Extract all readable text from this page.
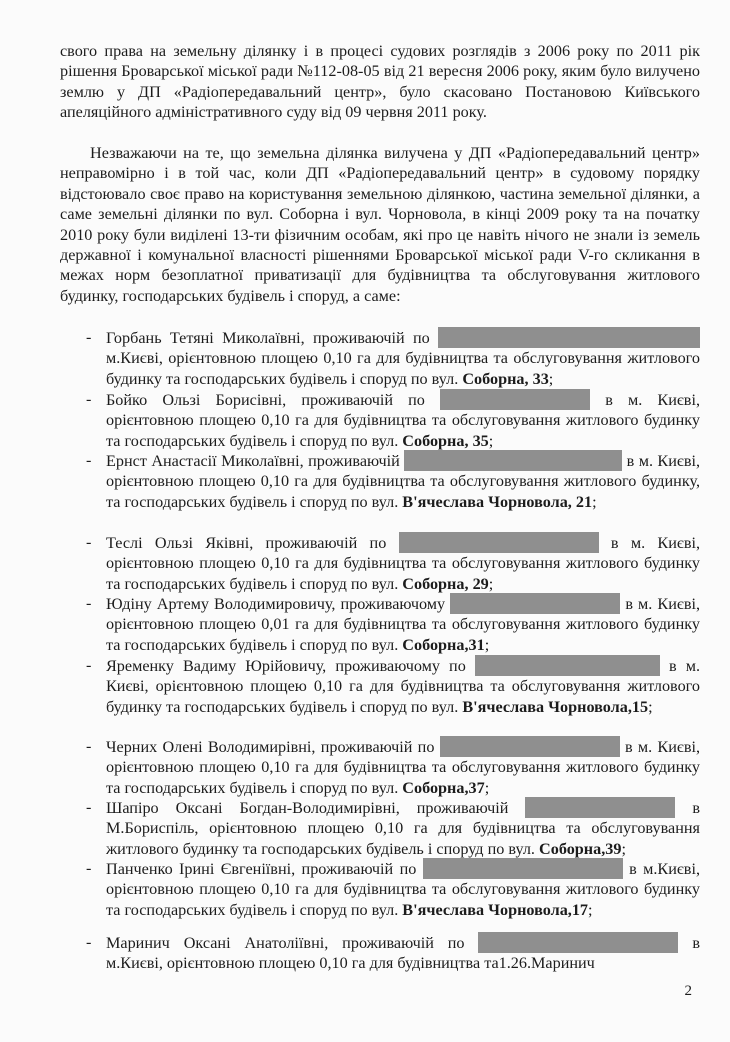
свого права на земельну ділянку і в процесі судових розглядів з 2006 року по 2011 рік рішення Броварської міської ради №112-08-05 від 21 вересня 2006 року, яким було вилучено землю у ДП «Радіопередавальний центр», було скасовано Постановою Київського апеляційного адміністративного суду від 09 червня 2011 року.
Незважаючи на те, що земельна ділянка вилучена у ДП «Радіопередавальний центр» неправомірно і в той час, коли ДП «Радіопередавальний центр» в судовому порядку відстоювало своє право на користування земельною ділянкою, частина земельної ділянки, а саме земельні ділянки по вул. Соборна і вул. Чорновола, в кінці 2009 року та на початку 2010 року були виділені 13-ти фізичним особам, які про це навіть нічого не знали із земель державної і комунальної власності рішеннями Броварської міської ради V-го скликання в межах норм безоплатної приватизації для будівництва та обслуговування житлового будинку, господарських будівель і споруд, а саме:
- Горбань Тетяні Миколаївні, проживаючій по  м.Києві, орієнтовною площею 0,10 га для будівництва та обслуговування житлового будинку та господарських будівель і споруд по вул. Соборна, 33;
- Бойко Ользі Борисівні, проживаючій по	в м. Києві, орієнтовною площею 0,10 га для будівництва та обслуговування житлового будинку та господарських будівель і споруд по вул. Соборна, 35;
- Ернст Анастасії Миколаївні, проживаючій	в м. Києві, орієнтовною площею 0,10 га для будівництва та обслуговування житлового будинку, та господарських будівель і споруд по вул. В'ячеслава Чорновола, 21;
- Теслі Ользі Яківні, проживаючій по	в м. Києві, орієнтовною площею 0,10 га для будівництва та обслуговування житлового будинку та господарських будівель і споруд по вул. Соборна, 29;
- Юдіну Артему Володимировичу, проживаючому	в м. Києві, орієнтовною площею 0,01 га для будівництва та обслуговування житлового будинку та господарських будівель і споруд по вул. Соборна,31;
- Яременку Вадиму Юрійовичу, проживаючому по	в м. Києві, орієнтовною площею 0,10 га для будівництва та обслуговування житлового будинку та господарських будівель і споруд по вул. В'ячеслава Чорновола,15;
- Черних Олені Володимирівні, проживаючій по	в м. Києві, орієнтовною площею 0,10 га для будівництва та обслуговування житлового будинку та господарських будівель і споруд по вул. Соборна,37;
- Шапіро Оксані Богдан-Володимирівні, проживаючій	в М.Бориспіль, орієнтовною площею 0,10 га для будівництва та обслуговування житлового будинку та господарських будівель і споруд по вул. Соборна,39;
- Панченко Ірині Євгеніївні, проживаючій по	в м.Києві, орієнтовною площею 0,10 га для будівництва та обслуговування житлового будинку та господарських будівель і споруд по вул. В'ячеслава Чорновола,17;
- Маринич Оксані Анатоліївні, проживаючій по	в м.Києві, орієнтовною площею 0,10 га для будівництва та1.26.Маринич
2
